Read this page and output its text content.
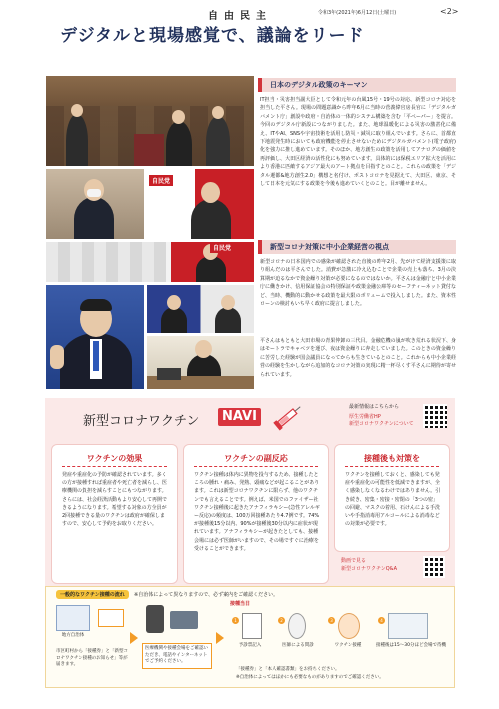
自由民主	令和3年(2021年)6月12日(土曜日)	<2>
デジタルと現場感覚で、議論をリード
自民党
自民党
日本のデジタル政策のキーマン
IT担当・災害担当副大臣として令和元年の台風15号・19号の対応、新型コロナ対応を担当した平さん。現場の問題意識から昨年6月に当時の菅義偉官房長官に「デジタルガバメント庁」創設や政府・自治体の一体的システム構築を含む「平ペーパー」を提言。今回のデジタル庁新設につながりました。また、地球温暖化による災害の激甚化に備え、ITやAI、SNSや宇宙技術を活用し防災・減災に取り組んでいます。さらに、首都直下地震発生時においても政府機能を停止させないためにデジタルガバメント(電子政府)化を強力に推し進めています。そのほか、地方創生の政策を活用してアナログの価値を再評価し、大田区経済の活性化にも努めています。具体的には保税エリア拡大を活用により香港に匹敵するアジア最大のアート拠点を目指すとのこと。これらの政策を「デジタル遷都&地方創生2.0」構想と名付け、ポストコロナを見据えて、大田区、東京、そして日本を元気にする政策を今後も進めていくとのこと。目が離せません。
新型コロナ対策に中小企業経営の視点
新型コロナの日本国内での感染が確認された直後の昨年2月、先がけて経済支援策に取り組んだのは平さんでした。消費が急激に冷え込むことで企業の売上も落ち、3月の決算期が迫るなかで資金繰り対策が必要になるのではないか。平さんは金融庁と中小企業庁に働きかけ、信用保証協会の特別保証や政策金融公庫等のセーフティーネット貸付など、当時、機動的に動かせる政策を最大限のボリュームで投入しました。また、資本性ローンの検討もいち早く政府に提言しました。
平さんはもともと大田市場の青果仲卸の三代目。金融危機の嵐が吹き荒れる状況下、身はモートラでキャベツを運び、夜は資金繰りに奔走していました。このときの資金繰りに苦労した経験が国会議員になってからも生きているとのこと。これからも中小企業経営の経験を生かしながら追加的なコロナ対策の実現に精一杯尽くす平さんに期待が寄せられています。
新型コロナワクチン	NAVI
最新情報はこちらから
厚生労働省HP
新型コロナワクチンについて
ワクチンの効果
発症や重症化の予防が確認されています。多くの方が接種すれば重症者や死亡者を減らし、医療機関の負担を減らすことにもつながります。さらには、社会経済活動もより安心して再開できるようになります。希望する対象の方全員が2回接種できる量のワクチンは政府が確保しますので、安心して予約をお取りください。
ワクチンの副反応
ワクチン接種は体内に異物を投与するため、接種したところの腫れ・痛み、発熱、頭痛などが起こることがあります。これは新型コロナワクチンに限らず、他のワクチンでも言えることです。例えば、米国でのファイザー社ワクチン接種後に起きたアナフィラキシー(急性アレルギー反応)の頻度は、100万回接種あたり4.7例です。74%が接種後15分以内、90%が接種後30分以内に症状が現れています。アナフィラキシーが起きたとしても、接種会場には必ず医師がいますので、その場ですぐに治療を受けることができます。
接種後も対策を
ワクチンを接種しておくと、感染しても発症や重症化の可能性を低減できますが、全く感染しなくなるわけではありません。引き続き、密集・密接・密閉の「3つの密」の回避、マスクの着用、石けんによる手洗いや手指消毒用アルコールによる消毒などの対策が必要です。
動画で見る
新型コロナワクチンQ&A
一般的なワクチン接種の流れ	※自治体によって異なりますので、必ず案内をご確認ください。
地方自治体
市区町村から「接種券」と「新型コロナワクチン接種のお知らせ」等が届きます。
医療機関や接種会場をご確認いただき、電話やインターネットでご予約ください。
接種当日
1
予診票記入
2
医師による問診
3
ワクチン接種
4
接種後は15〜30分ほど会場で待機
「接種券」と「本人確認書類」をお持ちください。
※自治体によってはほかにも必要なものがありますのでご確認ください。
